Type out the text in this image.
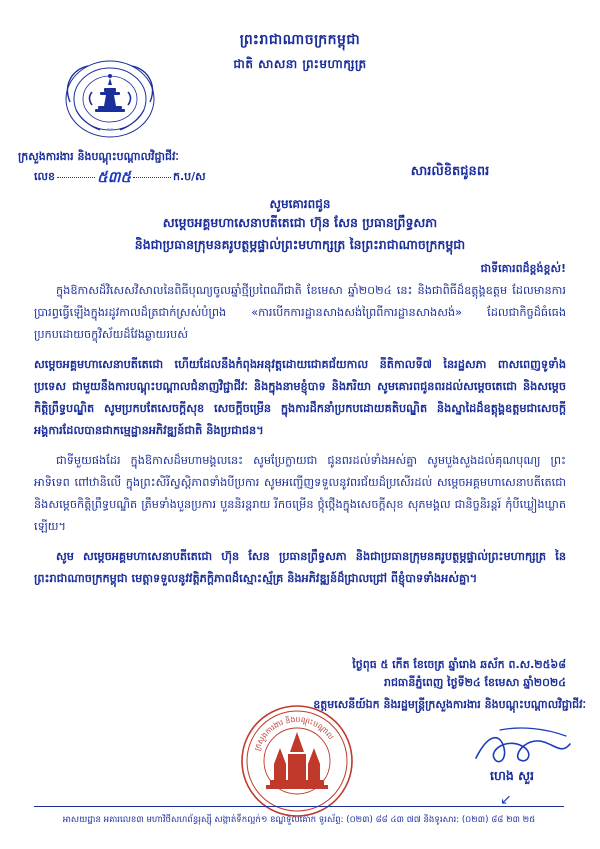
ព្រះរាជាណាចក្រកម្ពុជា
ជាតិ សាសនា ព្រះមហាក្សត្រ
·····
ក្រសួងការងារ និងបណ្តុះបណ្តាលវិជ្ជាជីវៈ
លេខ	៥៣៥	ក.ប/ស	សារលិខិតជូនពរ
សូមគោរពជូន
សម្តេចអគ្គមហាសេនាបតីតេជោ ហ៊ុន សែន ប្រធានព្រឹទ្ធសភា
និងជាប្រធានក្រុមនគរូបត្ថម្ភផ្ទាល់ព្រះមហាក្សត្រ នៃព្រះរាជាណាចក្រកម្ពុជា
ជាទីគោរពដ៏ខ្ពង់ខ្ពស់!

ក្នុងឱកាសដ៏វិសេសវិសាលនៃពិធីបុណ្យចូលឆ្នាំថ្មីប្រពៃណីជាតិ ខែមេសា ឆ្នាំ២០២៤ នេះ និងជាពិធីដ៏ឧត្តុង្គឧត្តម ដែលមានការប្រារព្ធធ្វើឡើងក្នុងរដូវកាលដ៏ត្រជាក់ស្រស់បំព្រង «ការបើកការដ្ឋានសាងសង់ព្រៃពីការដ្ឋានសាងសង់» ដែលជាកិច្ចដ៏ធំធេងប្រកបដោយចក្ខុវិស័យដ៏វែងឆ្ងាយរបស់

សម្តេចអគ្គមហាសេនាបតីតេជោ ហើយដែលនឹងកំពុងអនុវត្តដោយជោគជ័យកាល នីតិកាលទី៧ នៃរដ្ឋសភា ពាសពេញទូទាំងប្រទេស ជាមួយនឹងការបណ្តុះបណ្តាលជំនាញវិជ្ជាជីវៈ និងក្នុងនាមខ្ញុំបាទ និងភរិយា សូមគោរពជូនពរដល់សម្តេចតេជោ និងសម្តេចកិត្តិព្រឹទ្ធបណ្ឌិត សូមប្រកបតែសេចក្តីសុខ សេចក្តីចម្រើន ក្នុងការដឹកនាំប្រកបដោយគតិបណ្ឌិត និងស្នាដៃដ៏ឧត្តុង្គឧត្តមជាសេចក្តីអង្គការដែលបានជាកមេ្មដ្ឋានអភិវឌ្ឍន៍ជាតិ និងប្រជាជន។

ជាទីមួយផងដែរ ក្នុងឱកាសដ៏មហាមង្គលនេះ សូមប្រែក្លាយជា ជូនពរដល់ទាំងអស់គ្នា សូមបួងសួងដល់គុណបុណ្យ ព្រះអាទិទេព ពៅឋានិលើ ក្នុងព្រះសិរីស្វស្តិភាពទាំងបីប្រការ សូមអញ្ជើញទទួលនូវពរជ័យដ៏ប្រសើរដល់ សម្តេចអគ្គមហាសេនាបតីតេជោ និងសម្តេចកិត្តិព្រឹទ្ធបណ្ឌិត ត្រឹមទាំងបួនប្រការ បួននិរន្តរាយ រីកចម្រើន ថ្កុំថ្កើងក្នុងសេចក្តីសុខ សុភមង្គល ជានិច្ចនិរន្តរ៍ កុំបីឃ្លៀងឃ្លាតឡើយ។

សូម សម្តេចអគ្គមហាសេនាបតីតេជោ ហ៊ុន សែន ប្រធានព្រឹទ្ធសភា និងជាប្រធានក្រុមនគរូបត្ថម្ភផ្ទាល់ព្រះមហាក្សត្រ នៃព្រះរាជាណាចក្រកម្ពុជា មេត្តាទទួលនូវវត្តិភក្តិភាពដ៏ស្មោះស្ម័គ្រ និងអភិវឌ្ឍន៍ដ៏ជ្រាលជ្រៅ ពីខ្ញុំបាទទាំងអស់គ្នា។

ថ្ងៃពុធ ៥ កើត ខែចេត្រ ឆ្នាំរោង ឆស័ក ព.ស.២៥៦៨
រាជធានីភ្នំពេញ ថ្ងៃទី២៤ ខែមេសា ឆ្នាំ២០២៤
ឧត្តមសេនីយ៍ឯក និងរដ្ឋមន្ត្រីក្រសួងការងារ និងបណ្តុះបណ្តាលវិជ្ជាជីវៈ
ហេង សួរ
ក្រសួងការងារ និងបណ្តុះបណ្តាល
↙
អាសយដ្ឋាន អគារលេខ៣ មហាវិថីសហព័ន្ធរុស្ស៊ី សង្កាត់ទឹកល្អក់១ ខណ្ឌទួលគោក ទូរស័ព្ទ: (០២៣) ៨៨ ៤៣ ៧៧ និងទូរសារ: (០២៣) ៨៨ ២៣ ២៥
